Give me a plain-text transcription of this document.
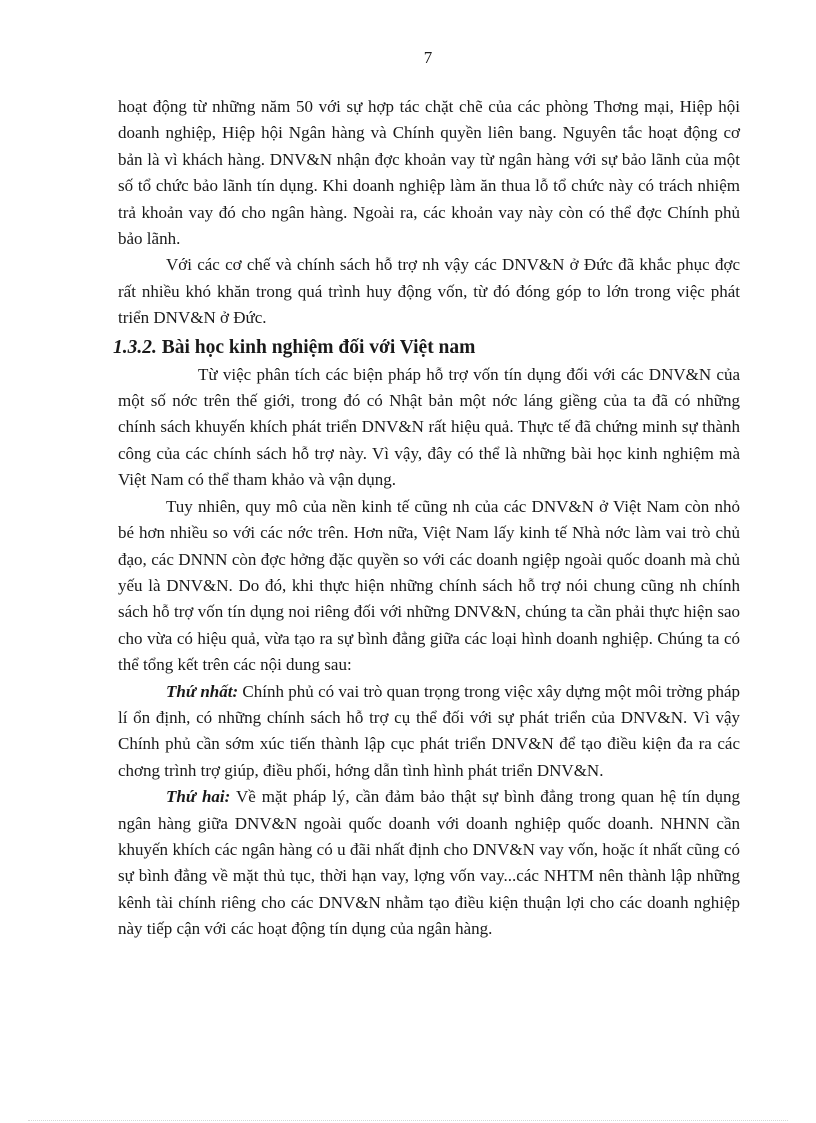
7

hoạt động từ những năm 50 với sự hợp tác chặt chẽ của các phòng Thơng mại, Hiệp hội doanh nghiệp, Hiệp hội Ngân hàng và Chính quyền liên bang. Nguyên tắc hoạt động cơ bản là vì khách hàng. DNV&N nhận đợc khoản vay từ ngân hàng với sự bảo lãnh của một số tổ chức bảo lãnh tín dụng. Khi doanh nghiệp làm ăn thua lỗ tổ chức này có trách nhiệm trả khoản vay đó cho ngân hàng. Ngoài ra, các khoản vay này còn có thể đợc Chính phủ bảo lãnh.

Với các cơ chế và chính sách hỗ trợ nh vậy các DNV&N ở Đức đã khắc phục đợc rất nhiều khó khăn trong quá trình huy động vốn, từ đó đóng góp to lớn trong việc phát triển DNV&N ở Đức.

1.3.2. Bài học kinh nghiệm đối với Việt nam

Từ việc phân tích các biện pháp hỗ trợ vốn tín dụng đối với các DNV&N của một số nớc trên thế giới, trong đó có Nhật bản một nớc láng giềng của ta đã có những chính sách khuyến khích phát triển DNV&N rất hiệu quả. Thực tế đã chứng minh sự thành công của các chính sách hỗ trợ này. Vì vậy, đây có thể là những bài học kinh nghiệm mà Việt Nam có thể tham khảo và vận dụng.

Tuy nhiên, quy mô của nền kinh tế cũng nh của các DNV&N ở Việt Nam còn nhỏ bé hơn nhiều so với các nớc trên. Hơn nữa, Việt Nam lấy kinh tế Nhà nớc làm vai trò chủ đạo, các DNNN còn đợc hởng đặc quyền so với các doanh ngiệp ngoài quốc doanh mà chủ yếu là DNV&N. Do đó, khi thực hiện những chính sách hỗ trợ nói chung cũng nh chính sách hỗ trợ vốn tín dụng noi riêng đối với những DNV&N, chúng ta cần phải thực hiện sao cho vừa có hiệu quả, vừa tạo ra sự bình đẳng giữa các loại hình doanh nghiệp. Chúng ta có thể tổng kết trên các nội dung sau:

Thứ nhất: Chính phủ có vai trò quan trọng trong việc xây dựng một môi trờng pháp lí ổn định, có những chính sách hỗ trợ cụ thể đối với sự phát triển của DNV&N. Vì vậy Chính phủ cần sớm xúc tiến thành lập cục phát triển DNV&N để tạo điều kiện đa ra các chơng trình trợ giúp, điều phối, hớng dẫn tình hình phát triển DNV&N.

Thứ hai: Về mặt pháp lý, cần đảm bảo thật sự bình đẳng trong quan hệ tín dụng ngân hàng giữa DNV&N ngoài quốc doanh với doanh nghiệp quốc doanh. NHNN cần khuyến khích các ngân hàng có u đãi nhất định cho DNV&N vay vốn, hoặc ít nhất cũng có sự bình đẳng về mặt thủ tục, thời hạn vay, lợng vốn vay...các NHTM nên thành lập những kênh tài chính riêng cho các DNV&N nhằm tạo điều kiện thuận lợi cho các doanh nghiệp này tiếp cận với các hoạt động tín dụng của ngân hàng.
